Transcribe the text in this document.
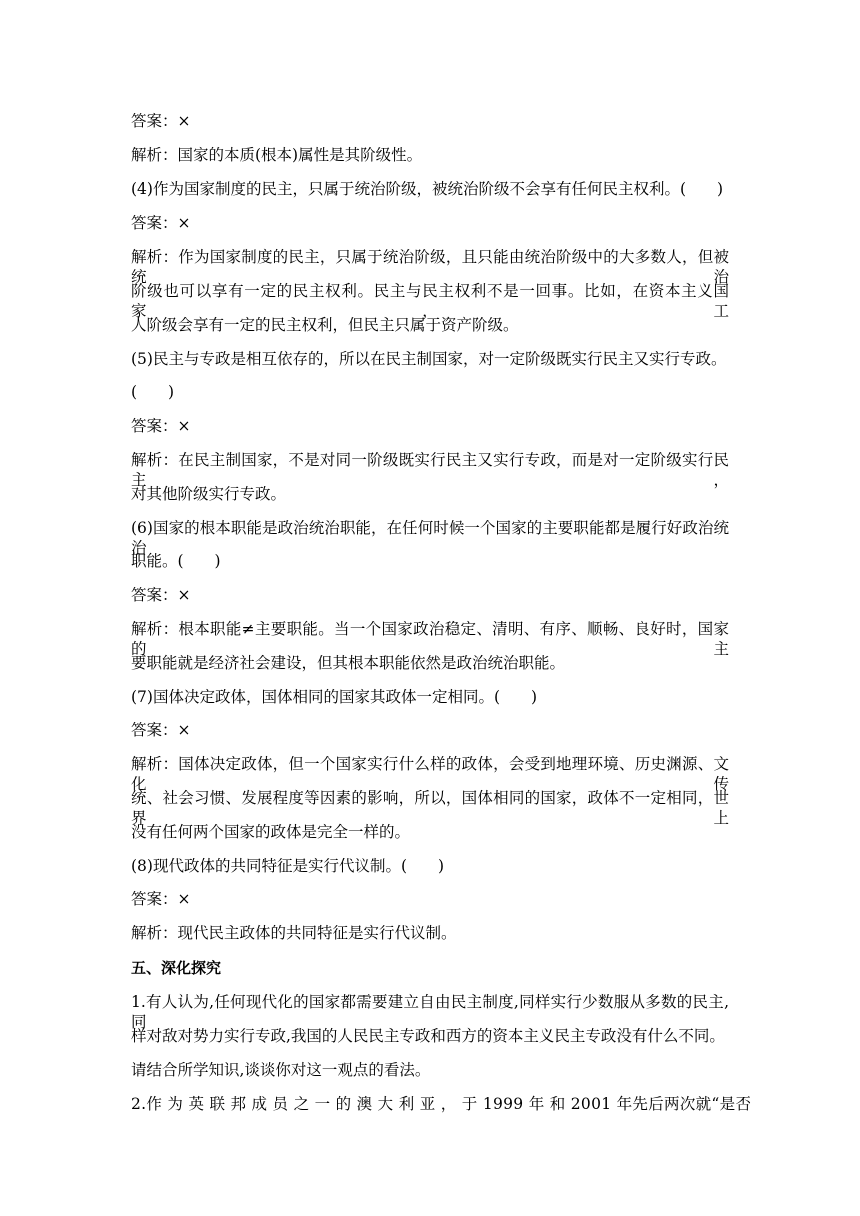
答案：×
解析：国家的本质(根本)属性是其阶级性。
(4)作为国家制度的民主，只属于统治阶级，被统治阶级不会享有任何民主权利。(　　)
答案：×
解析：作为国家制度的民主，只属于统治阶级，且只能由统治阶级中的大多数人，但被统治
阶级也可以享有一定的民主权利。民主与民主权利不是一回事。比如，在资本主义国家，工
人阶级会享有一定的民主权利，但民主只属于资产阶级。
(5)民主与专政是相互依存的，所以在民主制国家，对一定阶级既实行民主又实行专政。
(　　)
答案：×
解析：在民主制国家，不是对同一阶级既实行民主又实行专政，而是对一定阶级实行民主，
对其他阶级实行专政。
(6)国家的根本职能是政治统治职能，在任何时候一个国家的主要职能都是履行好政治统治
职能。(　　)
答案：×
解析：根本职能≠主要职能。当一个国家政治稳定、清明、有序、顺畅、良好时，国家的主
要职能就是经济社会建设，但其根本职能依然是政治统治职能。
(7)国体决定政体，国体相同的国家其政体一定相同。(　　)
答案：×
解析：国体决定政体，但一个国家实行什么样的政体，会受到地理环境、历史渊源、文化传
统、社会习惯、发展程度等因素的影响，所以，国体相同的国家，政体不一定相同，世界上
没有任何两个国家的政体是完全一样的。
(8)现代政体的共同特征是实行代议制。(　　)
答案：×
解析：现代民主政体的共同特征是实行代议制。
五、深化探究
1.有人认为,任何现代化的国家都需要建立自由民主制度,同样实行少数服从多数的民主,同
样对敌对势力实行专政,我国的人民民主专政和西方的资本主义民主专政没有什么不同。
请结合所学知识,谈谈你对这一观点的看法。
2.作 为 英 联 邦 成 员 之 一 的 澳 大 利 亚 ， 于 1999 年 和 2001 年先后两次就“是否
